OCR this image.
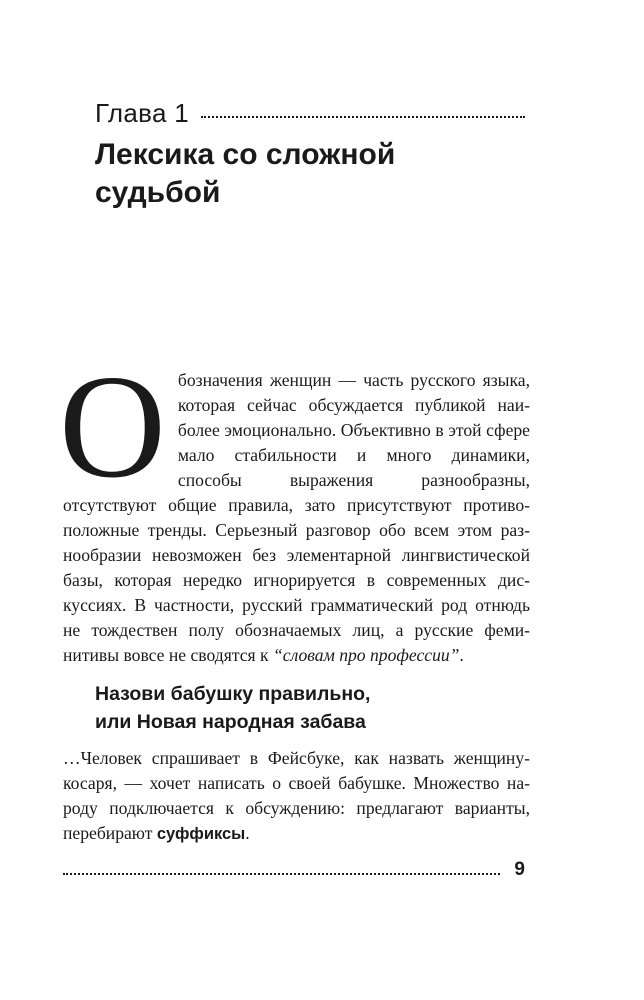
Глава 1
Лексика со сложной
судьбой

Обозначения женщин — часть русского языка, которая сейчас обсуждается публикой наиболее эмоционально. Объективно в этой сфере мало стабильности и много динамики, способы выражения разнообразны, отсутствуют общие правила, зато присутствуют противоположные тренды. Серьезный разговор обо всем этом разнообразии невозможен без элементарной лингвистической базы, которая нередко игнорируется в современных дискуссиях. В частности, русский грамматический род отнюдь не тождествен полу обозначаемых лиц, а русские феминитивы вовсе не сводятся к “словам про профессии”.

Назови бабушку правильно,
или Новая народная забава

…Человек спрашивает в Фейсбуке, как назвать женщину-косаря, — хочет написать о своей бабушке. Множество народу подключается к обсуждению: предлагают варианты, перебирают суффиксы.

9
